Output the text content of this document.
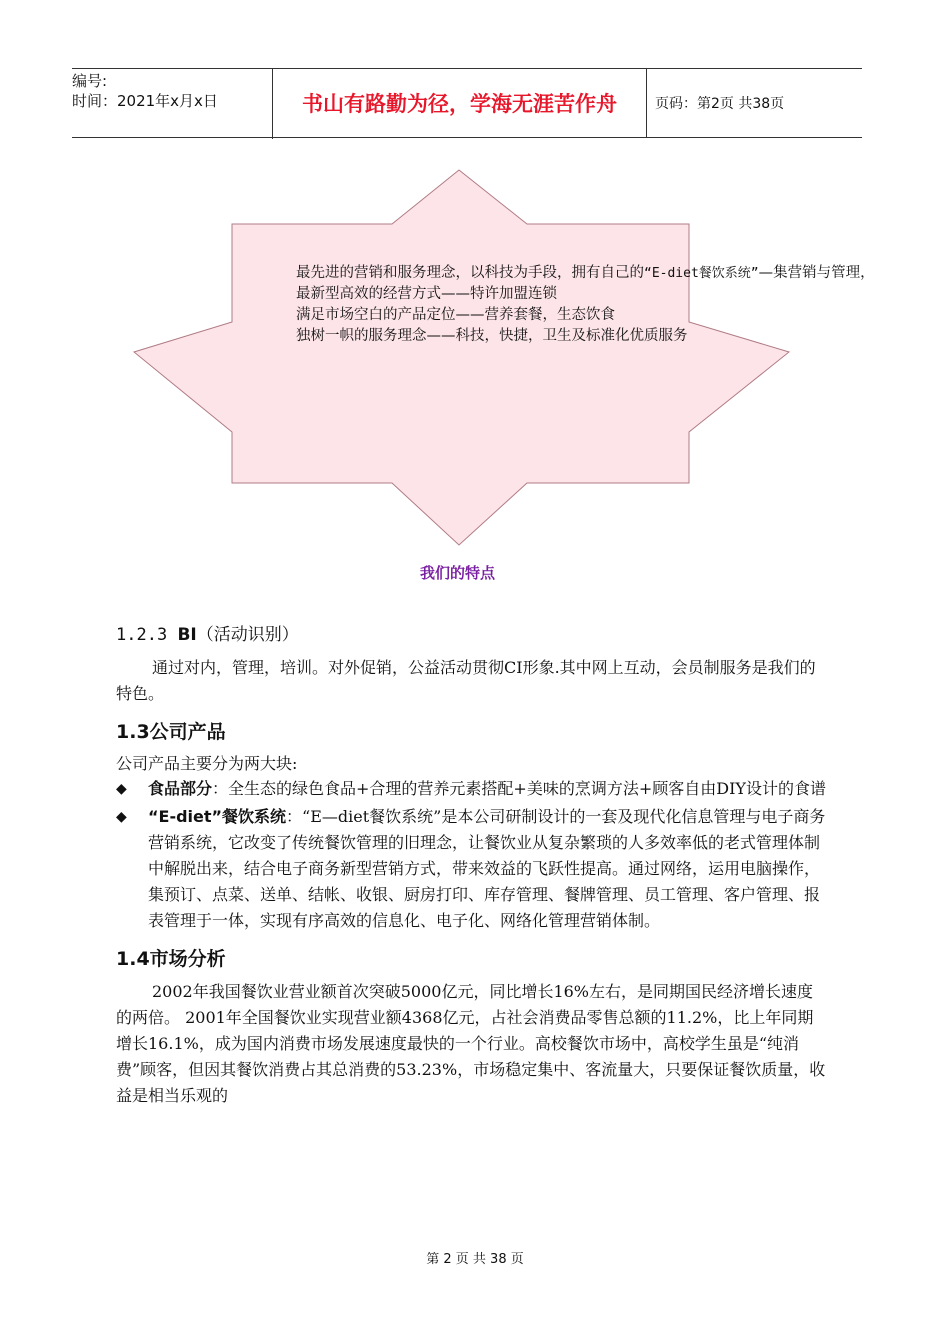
编号:
时间：2021年x月x日	书山有路勤为径，学海无涯苦作舟	页码：第2页 共38页
最先进的营销和服务理念，以科技为手段，拥有自己的“E-diet餐饮系统”—集营销与管理，
最新型高效的经营方式——特许加盟连锁
满足市场空白的产品定位——营养套餐，生态饮食
独树一帜的服务理念——科技，快捷，卫生及标准化优质服务
我们的特点
1.2.3 BI（活动识别）

通过对内，管理，培训。对外促销，公益活动贯彻CI形象.其中网上互动，会员制服务是我们的特色。

1.3公司产品

公司产品主要分为两大块:

◆ 食品部分：全生态的绿色食品+合理的营养元素搭配+美味的烹调方法+顾客自由DIY设计的食谱
◆ “E-diet”餐饮系统：“E—diet餐饮系统”是本公司研制设计的一套及现代化信息管理与电子商务营销系统，它改变了传统餐饮管理的旧理念，让餐饮业从复杂繁琐的人多效率低的老式管理体制中解脱出来，结合电子商务新型营销方式，带来效益的飞跃性提高。通过网络，运用电脑操作，集预订、点菜、送单、结帐、收银、厨房打印、库存管理、餐牌管理、员工管理、客户管理、报表管理于一体，实现有序高效的信息化、电子化、网络化管理营销体制。
1.4市场分析

2002年我国餐饮业营业额首次突破5000亿元，同比增长16%左右，是同期国民经济增长速度的两倍。 2001年全国餐饮业实现营业额4368亿元，占社会消费品零售总额的11.2%，比上年同期增长16.1%，成为国内消费市场发展速度最快的一个行业。高校餐饮市场中，高校学生虽是“纯消费”顾客，但因其餐饮消费占其总消费的53.23%，市场稳定集中、客流量大，只要保证餐饮质量，收益是相当乐观的

第 2 页 共 38 页
